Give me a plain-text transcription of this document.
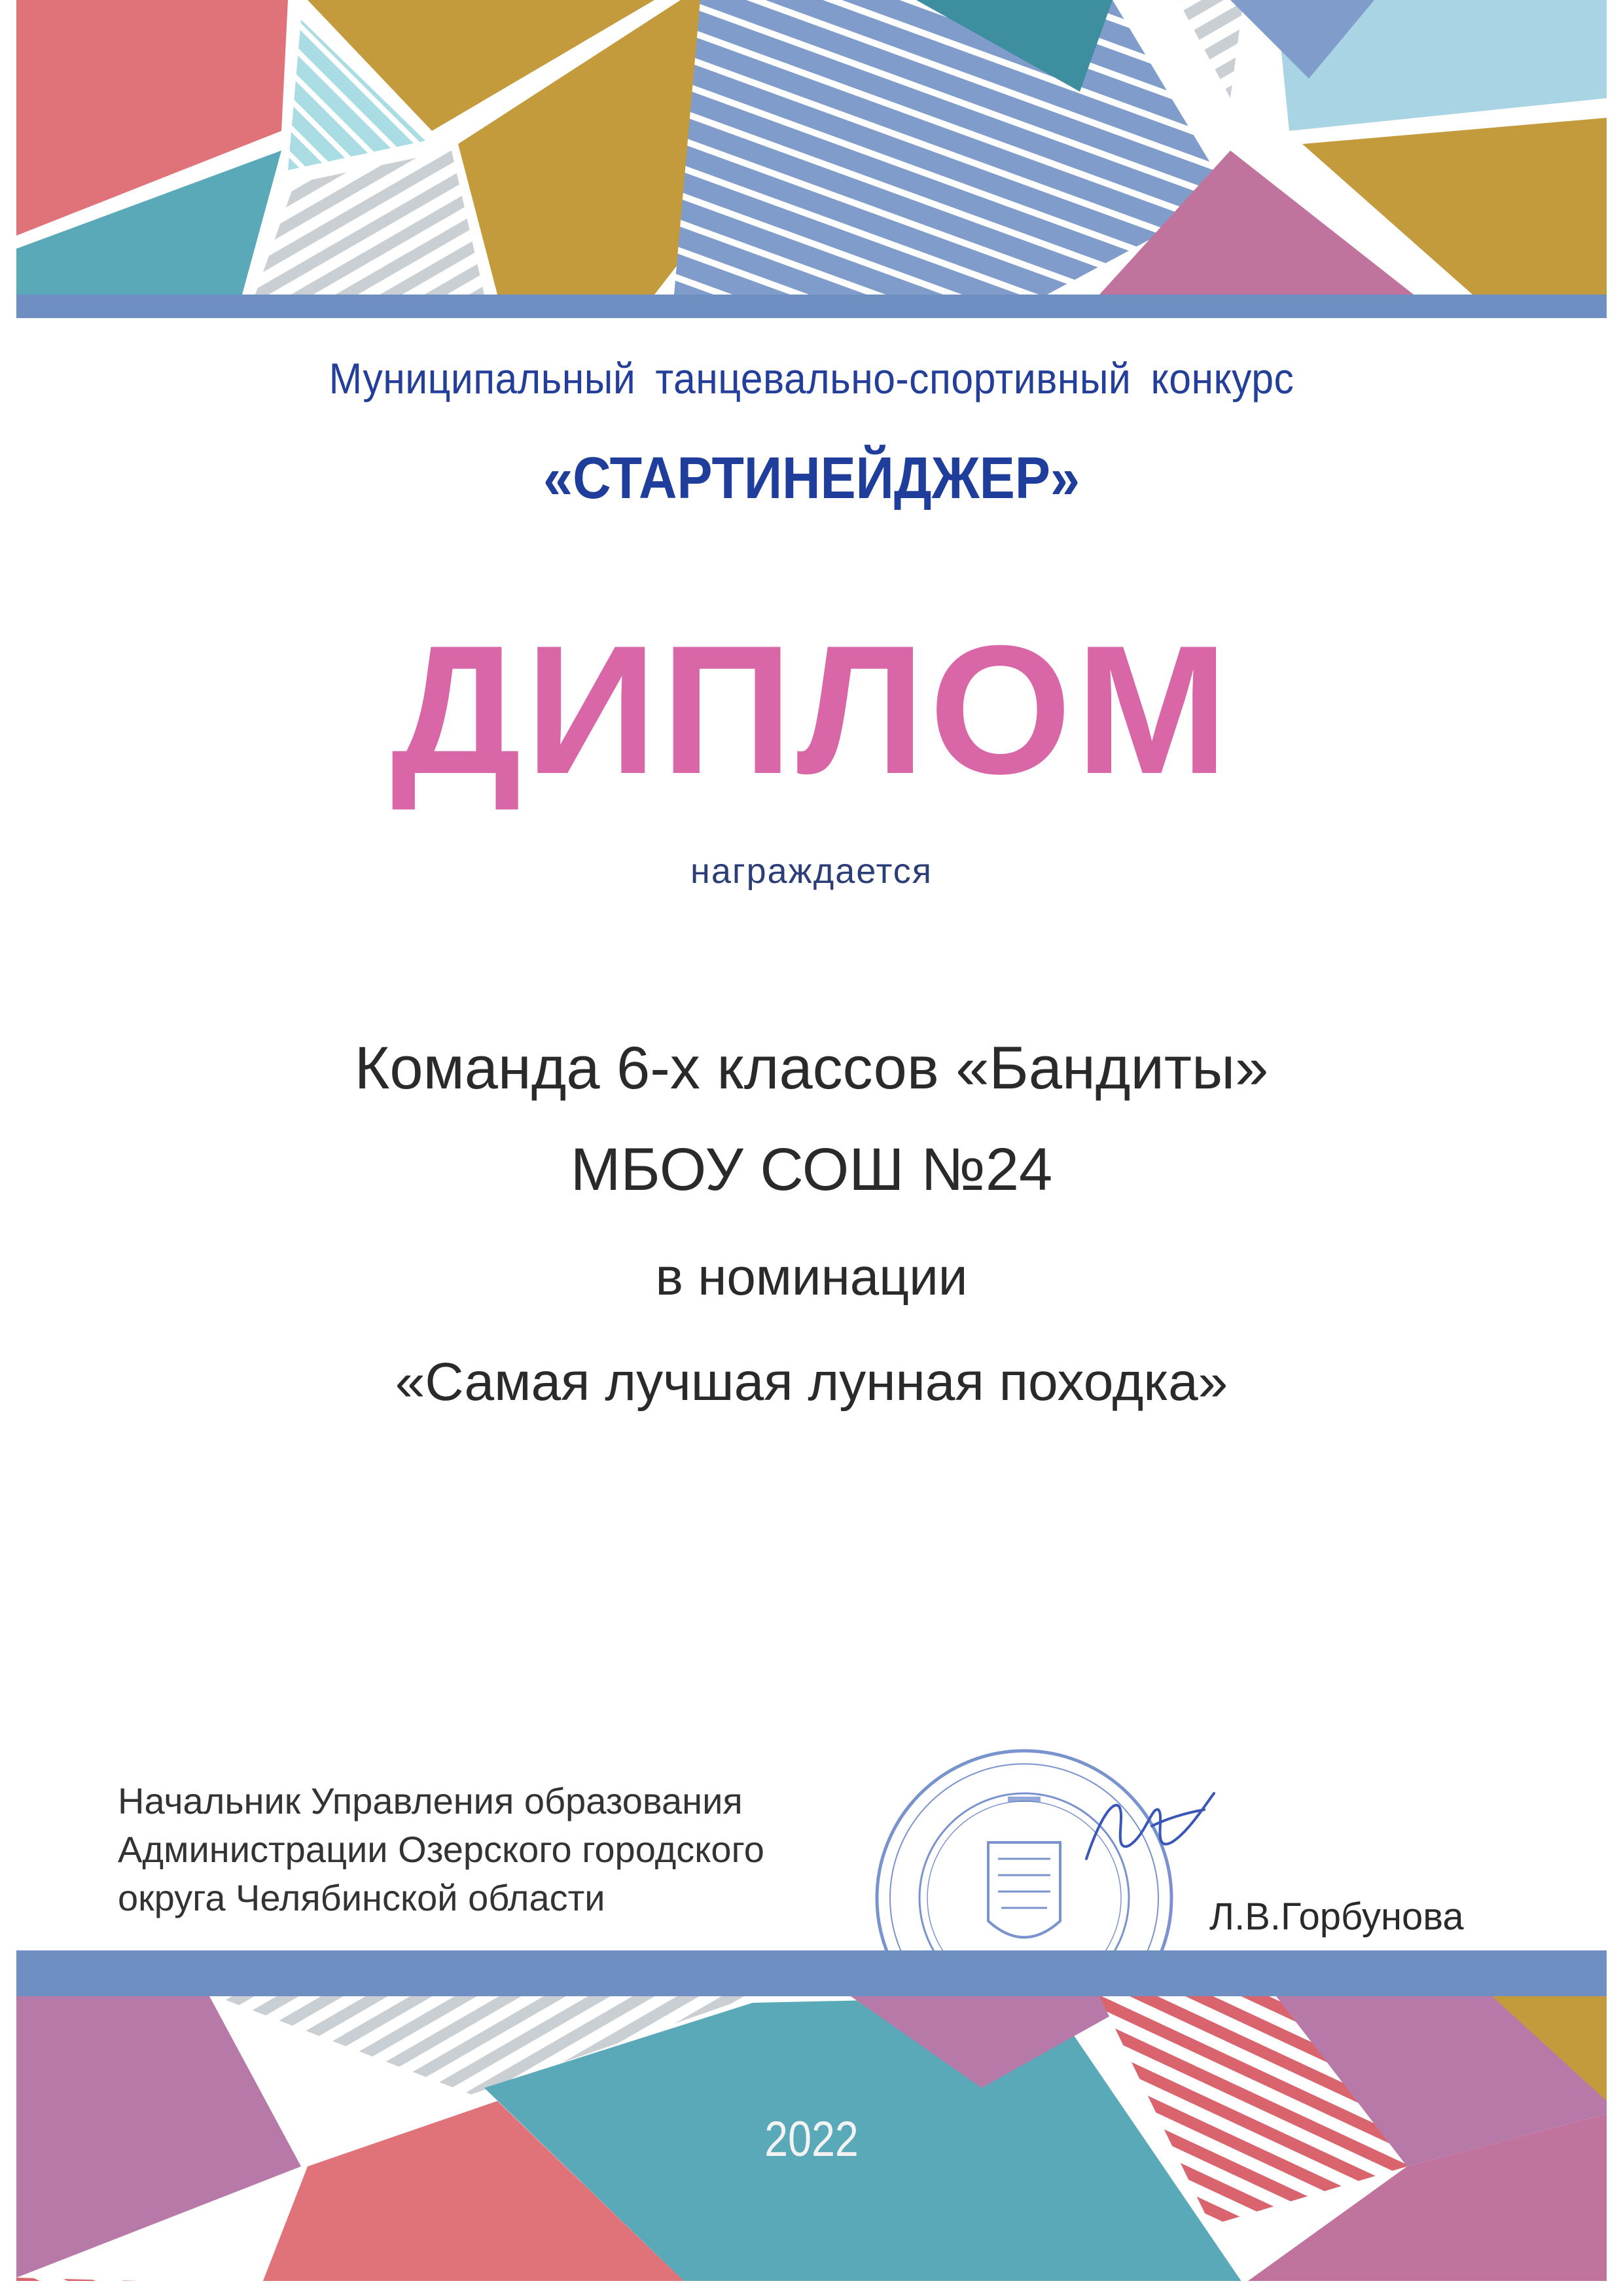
Муниципальный танцевально-спортивный конкурс
«СТАРТИНЕЙДЖЕР»
ДИПЛОМ
награждается
Команда 6-х классов «Бандиты»
МБОУ СОШ №24
в номинации
«Самая лучшая лунная походка»
Начальник Управления образования
Администрации Озерского городского
округа Челябинской области	Л.В.Горбунова
2022
